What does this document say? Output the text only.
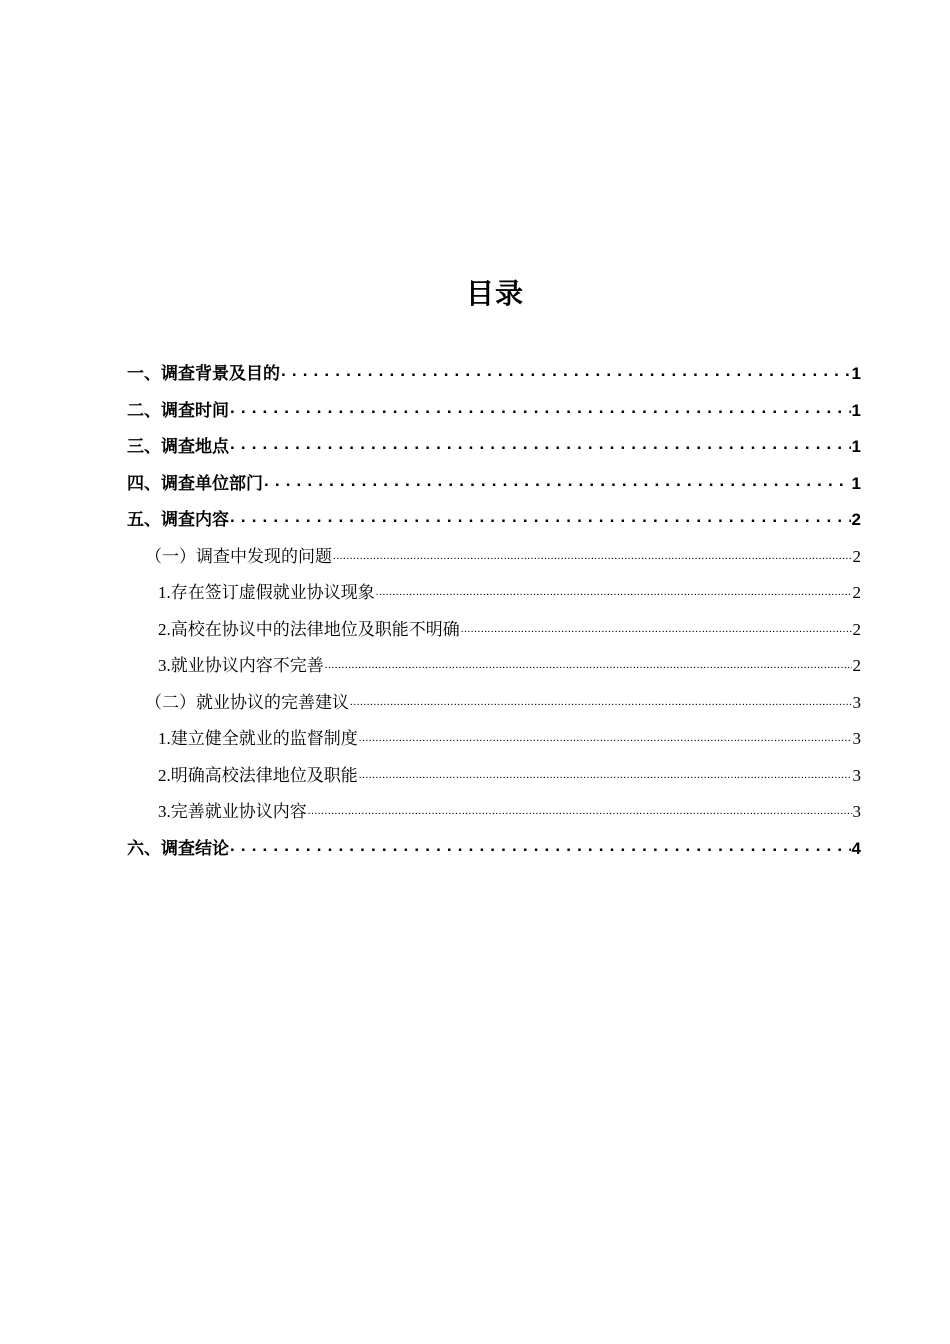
目录
一、调查背景及目的 . . .	1
二、调查时间 . . .	1
三、调查地点 . . .	1
四、调查单位部门 . . .	1
五、调查内容 . . .	2
（一）调查中发现的问题 .....	2
1.存在签订虚假就业协议现象 .....	2
2.高校在协议中的法律地位及职能不明确 .....	2
3.就业协议内容不完善 .....	2
（二）就业协议的完善建议 .....	3
1.建立健全就业的监督制度 .....	3
2.明确高校法律地位及职能 .....	3
3.完善就业协议内容 .....	3
六、调查结论 . . .	4
